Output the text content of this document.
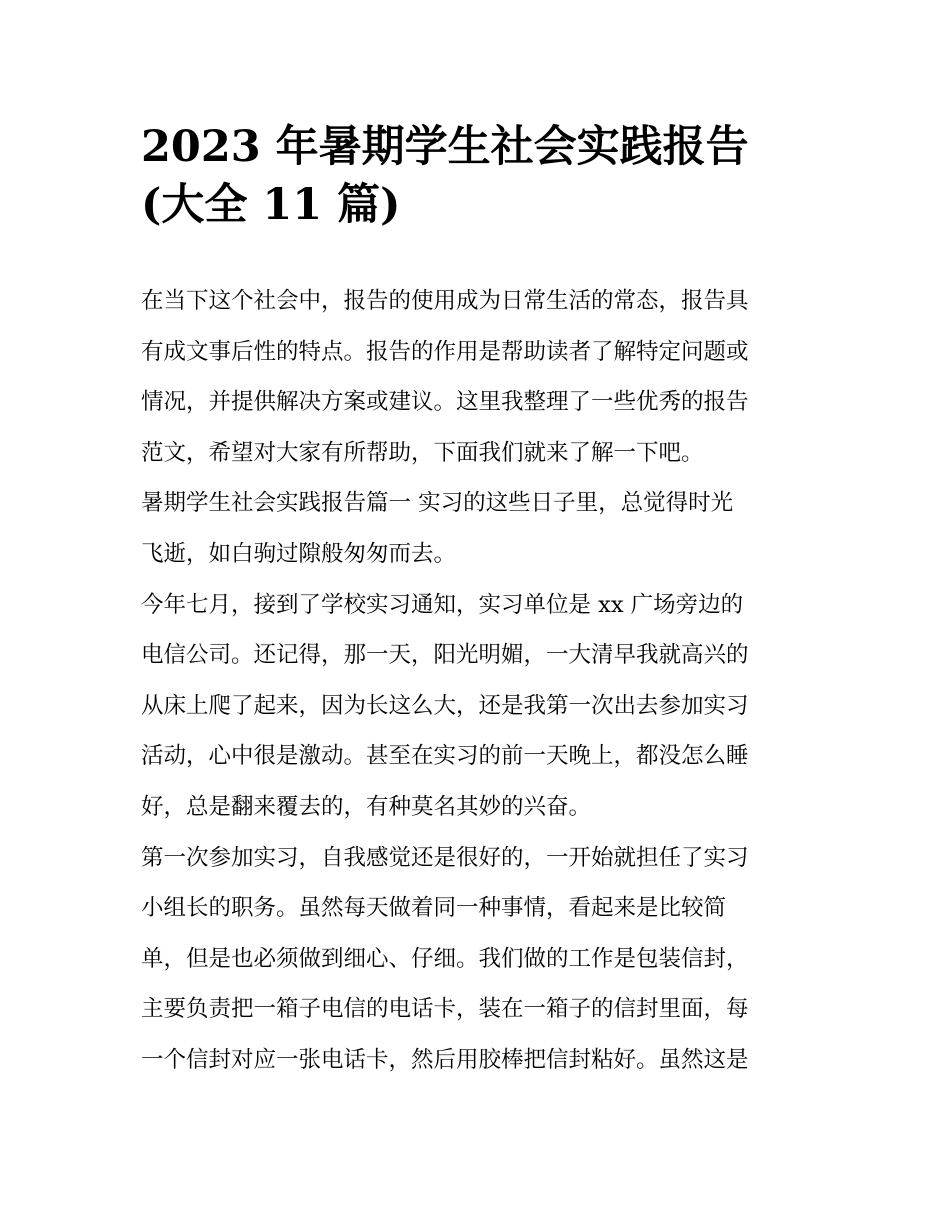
2023 年暑期学生社会实践报告
(大全 11 篇)
在当下这个社会中，报告的使用成为日常生活的常态，报告具
有成文事后性的特点。报告的作用是帮助读者了解特定问题或
情况，并提供解决方案或建议。这里我整理了一些优秀的报告
范文，希望对大家有所帮助，下面我们就来了解一下吧。
暑期学生社会实践报告篇一 实习的这些日子里，总觉得时光
飞逝，如白驹过隙般匆匆而去。
今年七月，接到了学校实习通知，实习单位是 xx 广场旁边的
电信公司。还记得，那一天，阳光明媚，一大清早我就高兴的
从床上爬了起来，因为长这么大，还是我第一次出去参加实习
活动，心中很是激动。甚至在实习的前一天晚上，都没怎么睡
好，总是翻来覆去的，有种莫名其妙的兴奋。
第一次参加实习，自我感觉还是很好的，一开始就担任了实习
小组长的职务。虽然每天做着同一种事情，看起来是比较简
单，但是也必须做到细心、仔细。我们做的工作是包装信封，
主要负责把一箱子电信的电话卡，装在一箱子的信封里面，每
一个信封对应一张电话卡，然后用胶棒把信封粘好。虽然这是
